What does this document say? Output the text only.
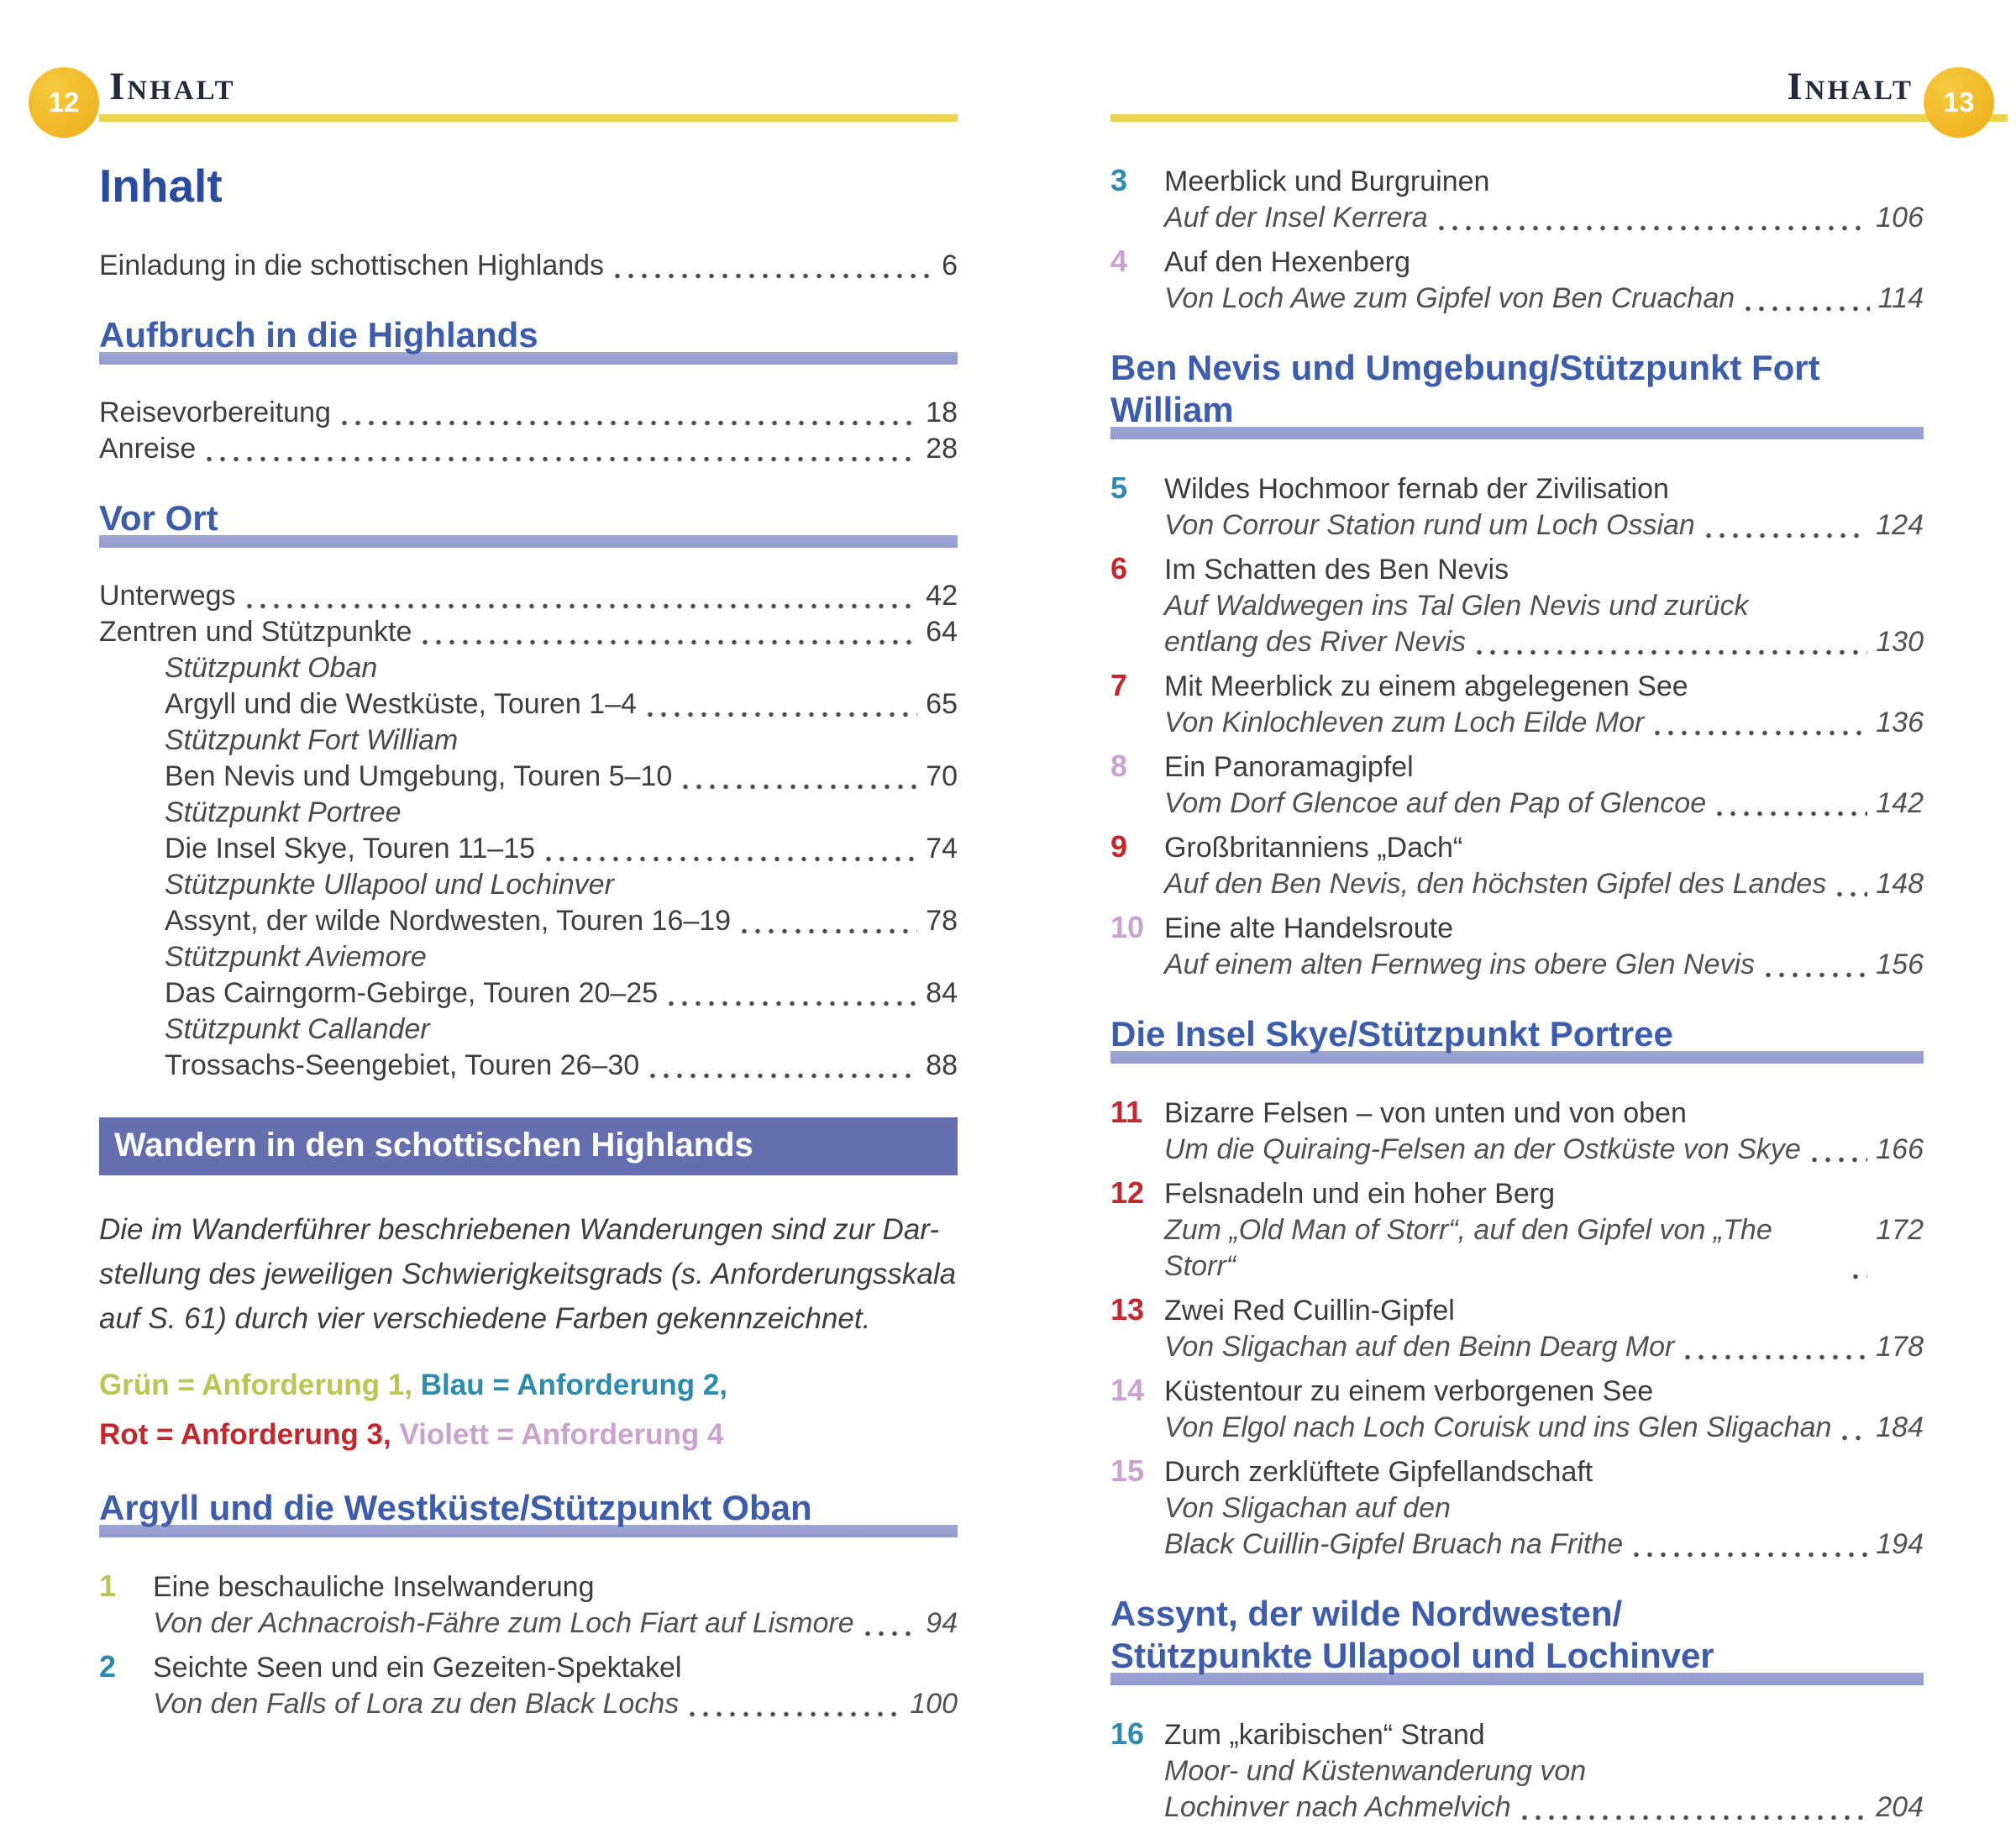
12 Inhalt
Inhalt
Einladung in die schottischen Highlands	6
Aufbruch in die Highlands
Reisevorbereitung	18
Anreise	28
Vor Ort
Unterwegs	42
Zentren und Stützpunkte	64
Stützpunkt Oban
Argyll und die Westküste, Touren 1–4	65
Stützpunkt Fort William
Ben Nevis und Umgebung, Touren 5–10	70
Stützpunkt Portree
Die Insel Skye, Touren 11–15	74
Stützpunkte Ullapool und Lochinver
Assynt, der wilde Nordwesten, Touren 16–19	78
Stützpunkt Aviemore
Das Cairngorm-Gebirge, Touren 20–25	84
Stützpunkt Callander
Trossachs-Seengebiet, Touren 26–30	88
Wandern in den schottischen Highlands
Die im Wanderführer beschriebenen Wanderungen sind zur Dar-
stellung des jeweiligen Schwierigkeitsgrads (s. Anforderungsskala
auf S. 61) durch vier verschiedene Farben gekennzeichnet.
Grün = Anforderung 1, Blau = Anforderung 2,
Rot = Anforderung 3, Violett = Anforderung 4
Argyll und die Westküste/Stützpunkt Oban
1	Eine beschauliche Inselwanderung
Von der Achnacroish-Fähre zum Loch Fiart auf Lismore	94
2	Seichte Seen und ein Gezeiten-Spektakel
Von den Falls of Lora zu den Black Lochs	100
Inhalt	13
3	Meerblick und Burgruinen
Auf der Insel Kerrera	106
4	Auf den Hexenberg
Von Loch Awe zum Gipfel von Ben Cruachan	114
Ben Nevis und Umgebung/Stützpunkt Fort William
5	Wildes Hochmoor fernab der Zivilisation
Von Corrour Station rund um Loch Ossian	124
6	Im Schatten des Ben Nevis
Auf Waldwegen ins Tal Glen Nevis und zurück
entlang des River Nevis	130
7	Mit Meerblick zu einem abgelegenen See
Von Kinlochleven zum Loch Eilde Mor	136
8	Ein Panoramagipfel
Vom Dorf Glencoe auf den Pap of Glencoe	142
9	Großbritanniens „Dach“
Auf den Ben Nevis, den höchsten Gipfel des Landes 148
10 Eine alte Handelsroute
Auf einem alten Fernweg ins obere Glen Nevis	156
Die Insel Skye/Stützpunkt Portree
11 Bizarre Felsen – von unten und von oben
Um die Quiraing-Felsen an der Ostküste von Skye	166
12 Felsnadeln und ein hoher Berg
Zum „Old Man of Storr“, auf den Gipfel von „The Storr“
172
13 Zwei Red Cuillin-Gipfel
Von Sligachan auf den Beinn Dearg Mor	178
14 Küstentour zu einem verborgenen See
Von Elgol nach Loch Coruisk und ins Glen Sligachan 184
15 Durch zerklüftete Gipfellandschaft
Von Sligachan auf den
Black Cuillin-Gipfel Bruach na Frithe	194
Assynt, der wilde Nordwesten/
Stützpunkte Ullapool und Lochinver
16 Zum „karibischen“ Strand
Moor- und Küstenwanderung von
Lochinver nach Achmelvich	204
